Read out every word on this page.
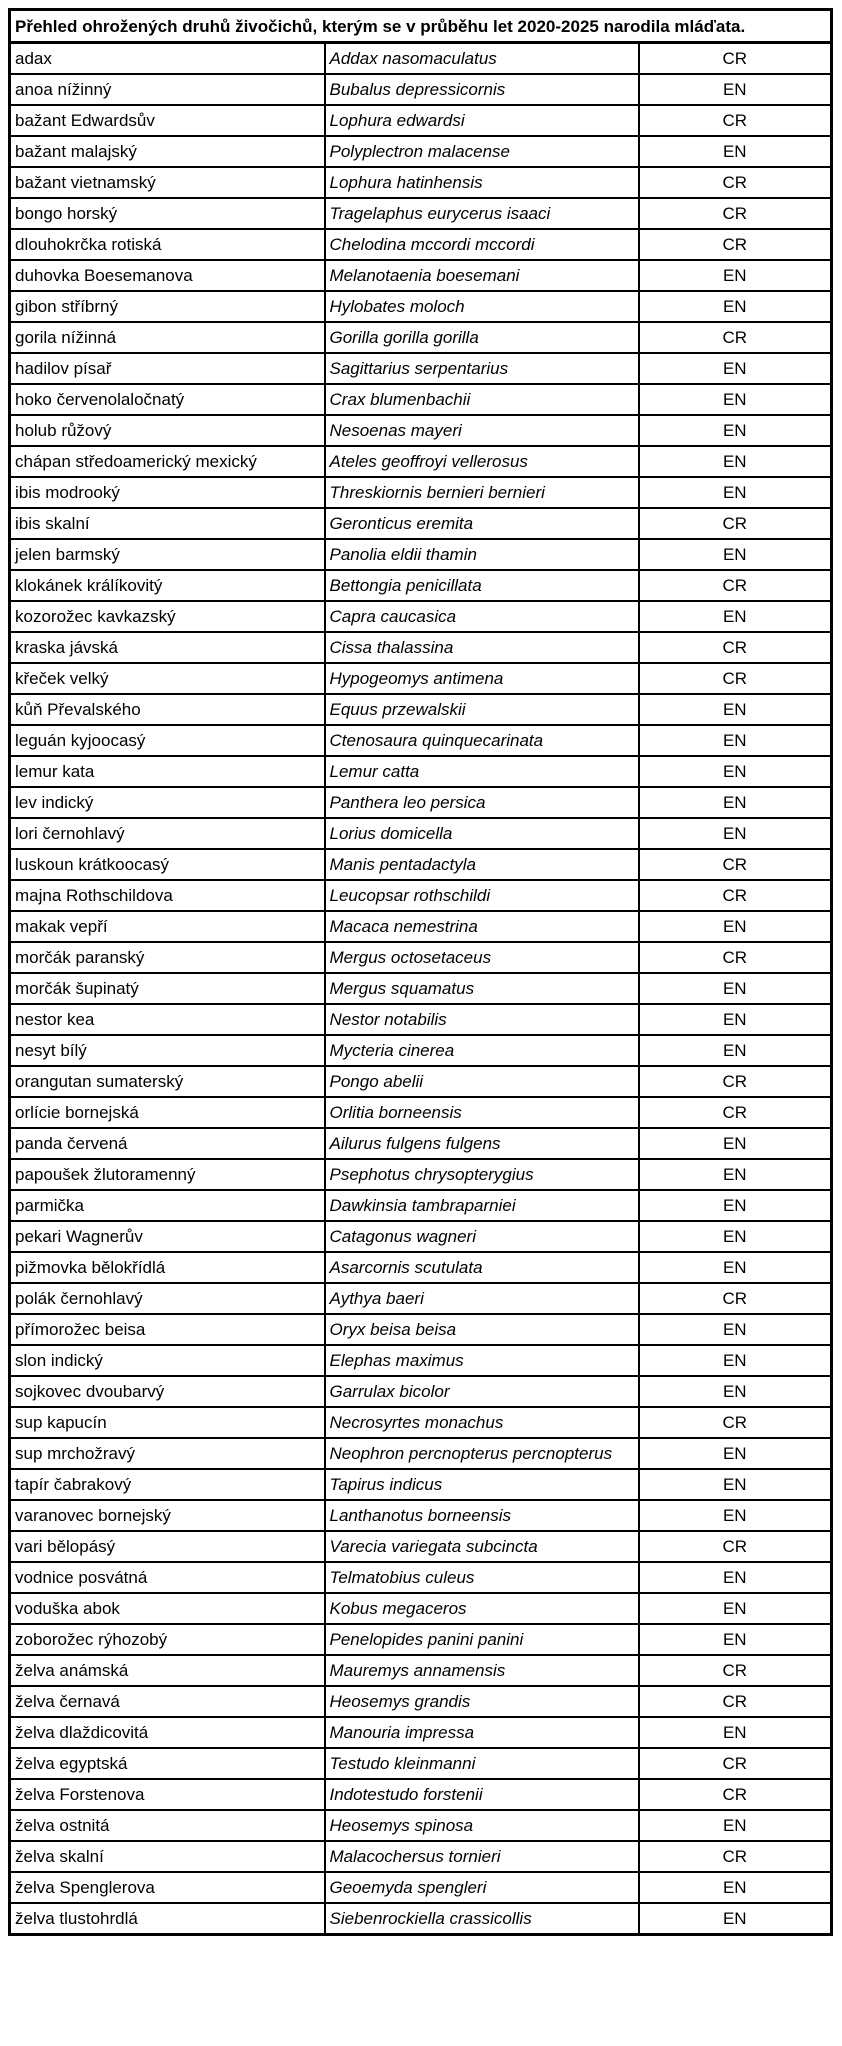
Přehled ohrožených druhů živočichů, kterým se v průběhu let 2020-2025 narodila mláďata.		
adax	Addax nasomaculatus	CR
anoa nížinný	Bubalus depressicornis	EN
bažant Edwardsův	Lophura edwardsi	CR
bažant malajský	Polyplectron malacense	EN
bažant vietnamský	Lophura hatinhensis	CR
bongo horský	Tragelaphus eurycerus isaaci	CR
dlouhokrčka rotiská	Chelodina mccordi mccordi	CR
duhovka Boesemanova	Melanotaenia boesemani	EN
gibon stříbrný	Hylobates moloch	EN
gorila nížinná	Gorilla gorilla gorilla	CR
hadilov písař	Sagittarius serpentarius	EN
hoko červenolaločnatý	Crax blumenbachii	EN
holub růžový	Nesoenas mayeri	EN
chápan středoamerický mexický	Ateles geoffroyi vellerosus	EN
ibis modrooký	Threskiornis bernieri bernieri	EN
ibis skalní	Geronticus eremita	CR
jelen barmský	Panolia eldii thamin	EN
klokánek králíkovitý	Bettongia penicillata	CR
kozorožec kavkazský	Capra caucasica	EN
kraska jávská	Cissa thalassina	CR
křeček velký	Hypogeomys antimena	CR
kůň Převalského	Equus przewalskii	EN
leguán kyjoocasý	Ctenosaura quinquecarinata	EN
lemur kata	Lemur catta	EN
lev indický	Panthera leo persica	EN
lori černohlavý	Lorius domicella	EN
luskoun krátkoocasý	Manis pentadactyla	CR
majna Rothschildova	Leucopsar rothschildi	CR
makak vepří	Macaca nemestrina	EN
morčák paranský	Mergus octosetaceus	CR
morčák šupinatý	Mergus squamatus	EN
nestor kea	Nestor notabilis	EN
nesyt bílý	Mycteria cinerea	EN
orangutan sumaterský	Pongo abelii	CR
orlície bornejská	Orlitia borneensis	CR
panda červená	Ailurus fulgens fulgens	EN
papoušek žlutoramenný	Psephotus chrysopterygius	EN
parmička	Dawkinsia tambraparniei	EN
pekari Wagnerův	Catagonus wagneri	EN
pižmovka bělokřídlá	Asarcornis scutulata	EN
polák černohlavý	Aythya baeri	CR
přímorožec beisa	Oryx beisa beisa	EN
slon indický	Elephas maximus	EN
sojkovec dvoubarvý	Garrulax bicolor	EN
sup kapucín	Necrosyrtes monachus	CR
sup mrchožravý	Neophron percnopterus percnopterus	EN
tapír čabrakový	Tapirus indicus	EN
varanovec bornejský	Lanthanotus borneensis	EN
vari bělopásý	Varecia variegata subcincta	CR
vodnice posvátná	Telmatobius culeus	EN
voduška abok	Kobus megaceros	EN
zoborožec rýhozobý	Penelopides panini panini	EN
želva anámská	Mauremys annamensis	CR
želva černavá	Heosemys grandis	CR
želva dlaždicovitá	Manouria impressa	EN
želva egyptská	Testudo kleinmanni	CR
želva Forstenova	Indotestudo forstenii	CR
želva ostnitá	Heosemys spinosa	EN
želva skalní	Malacochersus tornieri	CR
želva Spenglerova	Geoemyda spengleri	EN
želva tlustohrdlá	Siebenrockiella crassicollis	EN
